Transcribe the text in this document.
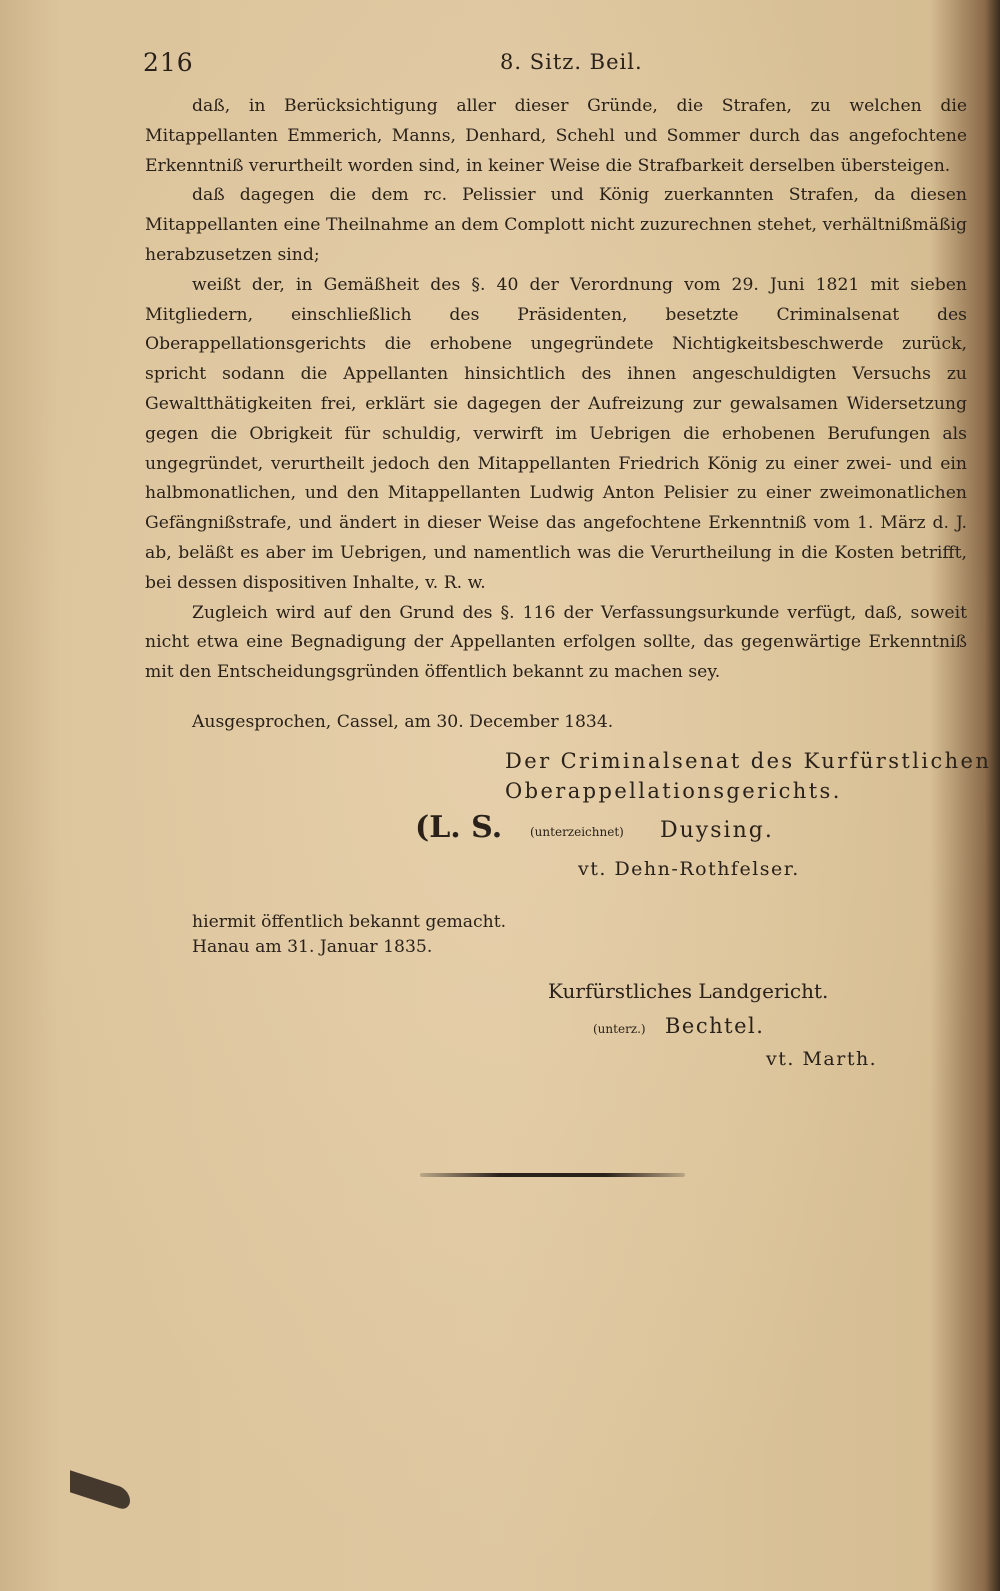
216	8. Sitz. Beil.

daß, in Berücksichtigung aller dieser Gründe, die Strafen, zu welchen die Mitappellanten Emmerich, Manns, Denhard, Schehl und Sommer durch das angefochtene Erkenntniß verurtheilt worden sind, in keiner Weise die Strafbarkeit derselben übersteigen.

daß dagegen die dem rc. Pelissier und König zuerkannten Strafen, da diesen Mitappellanten eine Theilnahme an dem Complott nicht zuzurechnen stehet, verhältnißmäßig herabzusetzen sind;

weißt der, in Gemäßheit des §. 40 der Verordnung vom 29. Juni 1821 mit sieben Mitgliedern, einschließlich des Präsidenten, besetzte Criminalsenat des Oberappellationsgerichts die erhobene ungegründete Nichtigkeitsbeschwerde zurück, spricht sodann die Appellanten hinsichtlich des ihnen angeschuldigten Versuchs zu Gewaltthätigkeiten frei, erklärt sie dagegen der Aufreizung zur gewalsamen Widersetzung gegen die Obrigkeit für schuldig, verwirft im Uebrigen die erhobenen Berufungen als ungegründet, verurtheilt jedoch den Mitappellanten Friedrich König zu einer zwei- und ein halbmonatlichen, und den Mitappellanten Ludwig Anton Pelisier zu einer zweimonatlichen Gefängnißstrafe, und ändert in dieser Weise das angefochtene Erkenntniß vom 1. März d. J. ab, beläßt es aber im Uebrigen, und namentlich was die Verurtheilung in die Kosten betrifft, bei dessen dispositiven Inhalte, v. R. w.

Zugleich wird auf den Grund des §. 116 der Verfassungsurkunde verfügt, daß, soweit nicht etwa eine Begnadigung der Appellanten erfolgen sollte, das gegenwärtige Erkenntniß mit den Entscheidungsgründen öffentlich bekannt zu machen sey.

Ausgesprochen, Cassel, am 30. December 1834.
Der Criminalsenat des Kurfürstlichen
Oberappellationsgerichts.
(L. S. (unterzeichnet) Duysing.
vt. Dehn-Rothfelser.
hiermit öffentlich bekannt gemacht.
Hanau am 31. Januar 1835.
Kurfürstliches Landgericht.
(unterz.) Bechtel.
vt. Marth.
